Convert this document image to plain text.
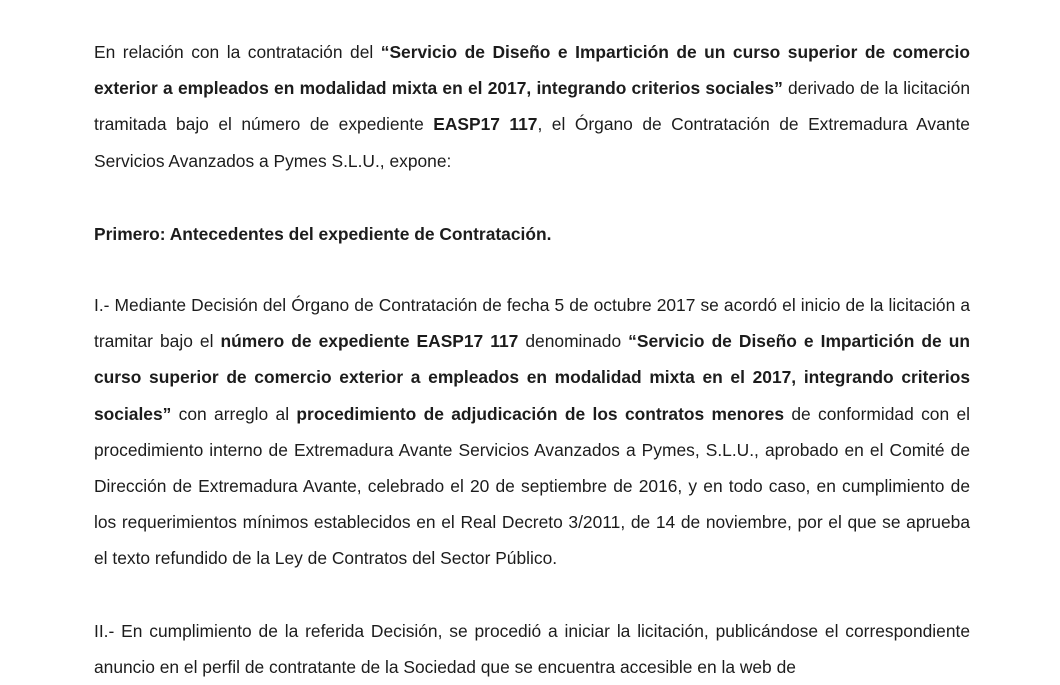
En relación con la contratación del “Servicio de Diseño e Impartición de un curso superior de comercio exterior a empleados en modalidad mixta en el 2017, integrando criterios sociales” derivado de la licitación tramitada bajo el número de expediente EASP17 117, el Órgano de Contratación de Extremadura Avante Servicios Avanzados a Pymes S.L.U., expone:

Primero: Antecedentes del expediente de Contratación.

I.- Mediante Decisión del Órgano de Contratación de fecha 5 de octubre 2017 se acordó el inicio de la licitación a tramitar bajo el número de expediente EASP17 117 denominado “Servicio de Diseño e Impartición de un curso superior de comercio exterior a empleados en modalidad mixta en el 2017, integrando criterios sociales” con arreglo al procedimiento de adjudicación de los contratos menores de conformidad con el procedimiento interno de Extremadura Avante Servicios Avanzados a Pymes, S.L.U., aprobado en el Comité de Dirección de Extremadura Avante, celebrado el 20 de septiembre de 2016, y en todo caso, en cumplimiento de los requerimientos mínimos establecidos en el Real Decreto 3/2011, de 14 de noviembre, por el que se aprueba el texto refundido de la Ley de Contratos del Sector Público.

II.- En cumplimiento de la referida Decisión, se procedió a iniciar la licitación, publicándose el correspondiente anuncio en el perfil de contratante de la Sociedad que se encuentra accesible en la web de
